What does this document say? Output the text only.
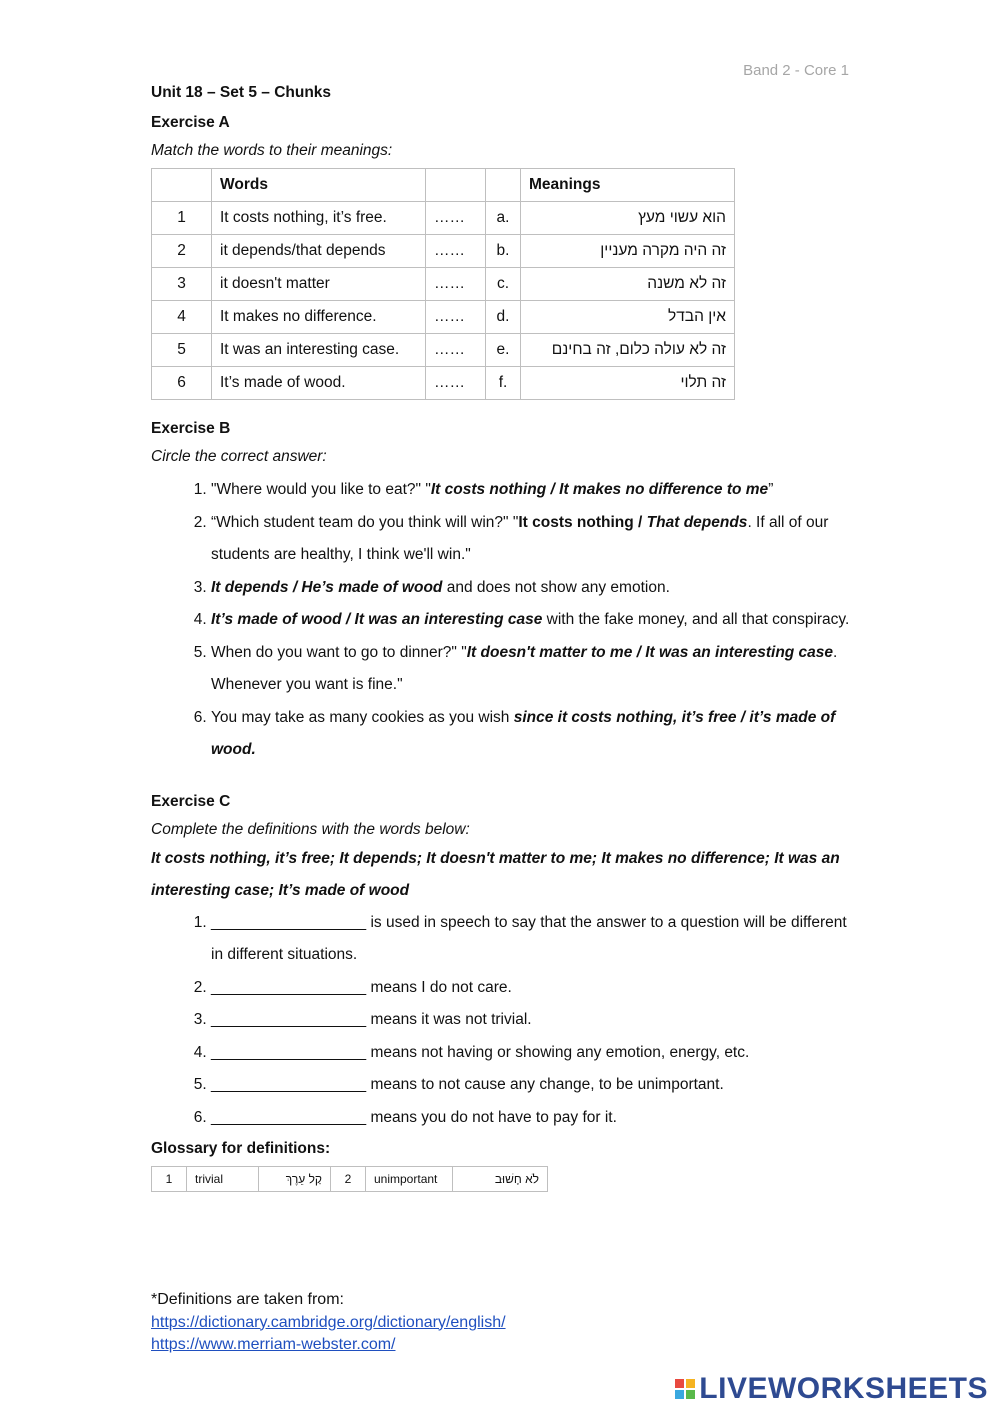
Band 2 - Core 1
Unit 18 – Set 5 – Chunks
Exercise A
Match the words to their meanings:
	Words			Meanings
1	It costs nothing, it’s free.	……	a.	הוא עשוי מעץ
2	it depends/that depends	……	b.	זה היה מקרה מעניין
3	it doesn't matter	……	c.	זה לא משנה
4	It makes no difference.	……	d.	אין הבדל
5	It was an interesting case.	……	e.	זה לא עולה כלום, זה בחינם
6	It’s made of wood.	……	f.	זה תלוי
Exercise B
Circle the correct answer:
1. "Where would you like to eat?" "It costs nothing / It makes no difference to me”
2. “Which student team do you think will win?" "It costs nothing / That depends. If all of our students are healthy, I think we'll win."
3. It depends / He’s made of wood and does not show any emotion.
4. It’s made of wood / It was an interesting case with the fake money, and all that conspiracy.
5. When do you want to go to dinner?" "It doesn't matter to me / It was an interesting case. Whenever you want is fine."
6. You may take as many cookies as you wish since it costs nothing, it’s free / it’s made of wood.
Exercise C
Complete the definitions with the words below:
It costs nothing, it’s free; It depends; It doesn't matter to me; It makes no difference; It was an interesting case; It’s made of wood
1. __________________ is used in speech to say that the answer to a question will be different in different situations.
2. __________________ means I do not care.
3. __________________ means it was not trivial.
4. __________________ means not having or showing any emotion, energy, etc.
5. __________________ means to not cause any change, to be unimportant.
6. __________________ means you do not have to pay for it.
Glossary for definitions:
1	trivial	קַל עֵרֶךְ	2	unimportant	לֹא חָשׁוּב
*Definitions are taken from:
https://dictionary.cambridge.org/dictionary/english/
https://www.merriam-webster.com/
LIVEWORKSHEETS
